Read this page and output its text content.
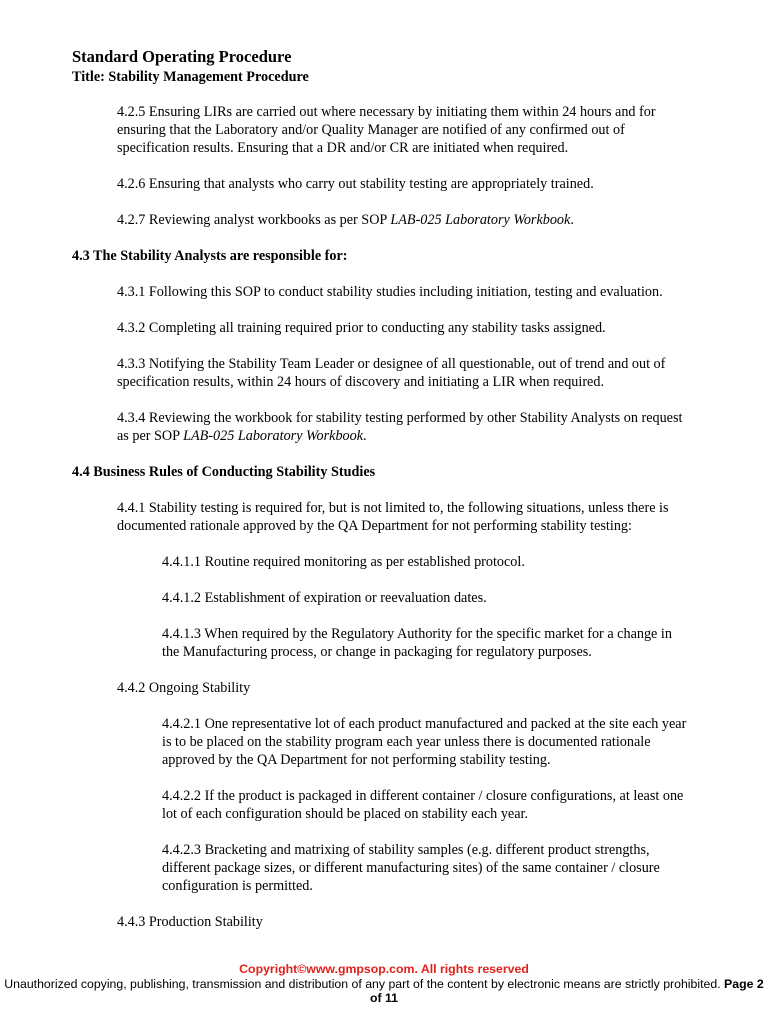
Standard Operating Procedure
Title: Stability Management Procedure

4.2.5 Ensuring LIRs are carried out where necessary by initiating them within 24 hours and for ensuring that the Laboratory and/or Quality Manager are notified of any confirmed out of specification results. Ensuring that a DR and/or CR are initiated when required.

4.2.6 Ensuring that analysts who carry out stability testing are appropriately trained.

4.2.7 Reviewing analyst workbooks as per SOP LAB-025 Laboratory Workbook.

4.3 The Stability Analysts are responsible for:

4.3.1 Following this SOP to conduct stability studies including initiation, testing and evaluation.

4.3.2 Completing all training required prior to conducting any stability tasks assigned.

4.3.3 Notifying the Stability Team Leader or designee of all questionable, out of trend and out of specification results, within 24 hours of discovery and initiating a LIR when required.

4.3.4 Reviewing the workbook for stability testing performed by other Stability Analysts on request as per SOP LAB-025 Laboratory Workbook.

4.4 Business Rules of Conducting Stability Studies

4.4.1 Stability testing is required for, but is not limited to, the following situations, unless there is documented rationale approved by the QA Department for not performing stability testing:

4.4.1.1 Routine required monitoring as per established protocol.

4.4.1.2 Establishment of expiration or reevaluation dates.

4.4.1.3 When required by the Regulatory Authority for the specific market for a change in the Manufacturing process, or change in packaging for regulatory purposes.

4.4.2 Ongoing Stability

4.4.2.1 One representative lot of each product manufactured and packed at the site each year is to be placed on the stability program each year unless there is documented rationale approved by the QA Department for not performing stability testing.

4.4.2.2 If the product is packaged in different container / closure configurations, at least one lot of each configuration should be placed on stability each year.

4.4.2.3 Bracketing and matrixing of stability samples (e.g. different product strengths, different package sizes, or different manufacturing sites) of the same container / closure configuration is permitted.

4.4.3 Production Stability

Copyright©www.gmpsop.com. All rights reserved
Unauthorized copying, publishing, transmission and distribution of any part of the content by electronic means are strictly prohibited. Page 2 of 11
